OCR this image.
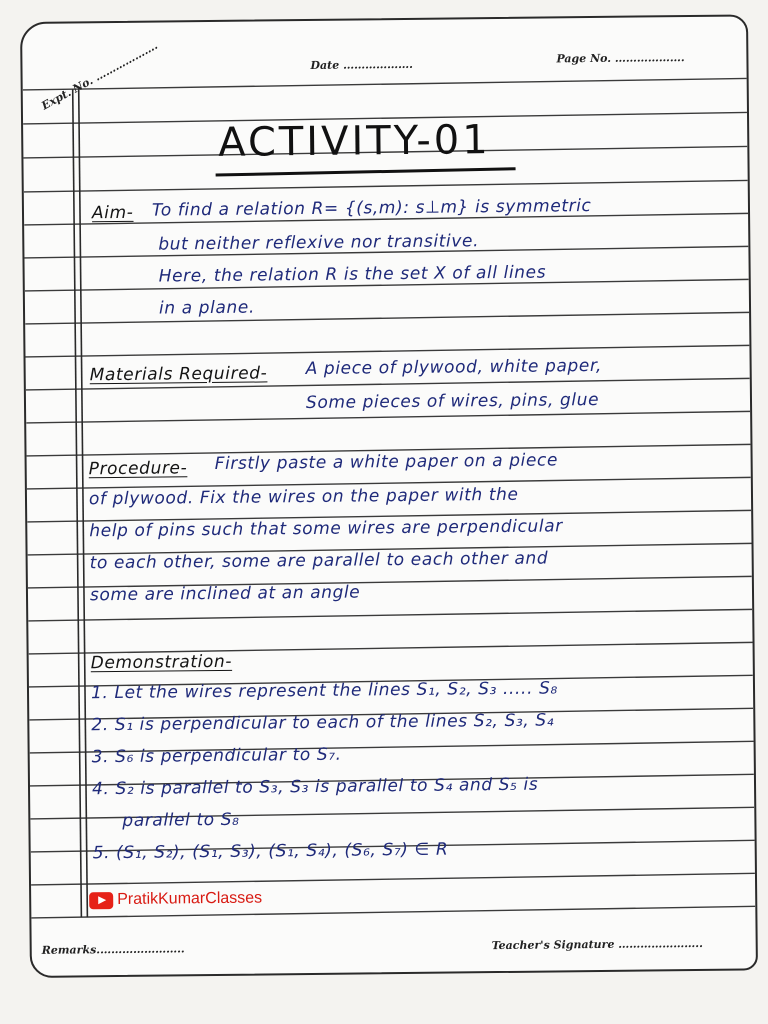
Expt. No. ……………….	Date ……………….	Page No. ……………….
ACTIVITY-01
Aim- To find a relation R= {(s,m): s⊥m} is symmetric
but neither reflexive nor transitive.
Here, the relation R is the set X of all lines
in a plane.
Materials Required- A piece of plywood, white paper,
Some pieces of wires, pins, glue
Procedure- Firstly paste a white paper on a piece
of plywood. Fix the wires on the paper with the
help of pins such that some wires are perpendicular
to each other, some are parallel to each other and
some are inclined at an angle
Demonstration-
1. Let the wires represent the lines S₁, S₂, S₃ ..... S₈
2. S₁ is perpendicular to each of the lines S₂, S₃, S₄
3. S₆ is perpendicular to S₇.
4. S₂ is parallel to S₃, S₃ is parallel to S₄ and S₅ is
parallel to S₈
5. (S₁, S₂), (S₁, S₃), (S₁, S₄), (S₆, S₇) ∈ R
PratikKumarClasses
Remarks.…………………..	Teacher's Signature …………………..
